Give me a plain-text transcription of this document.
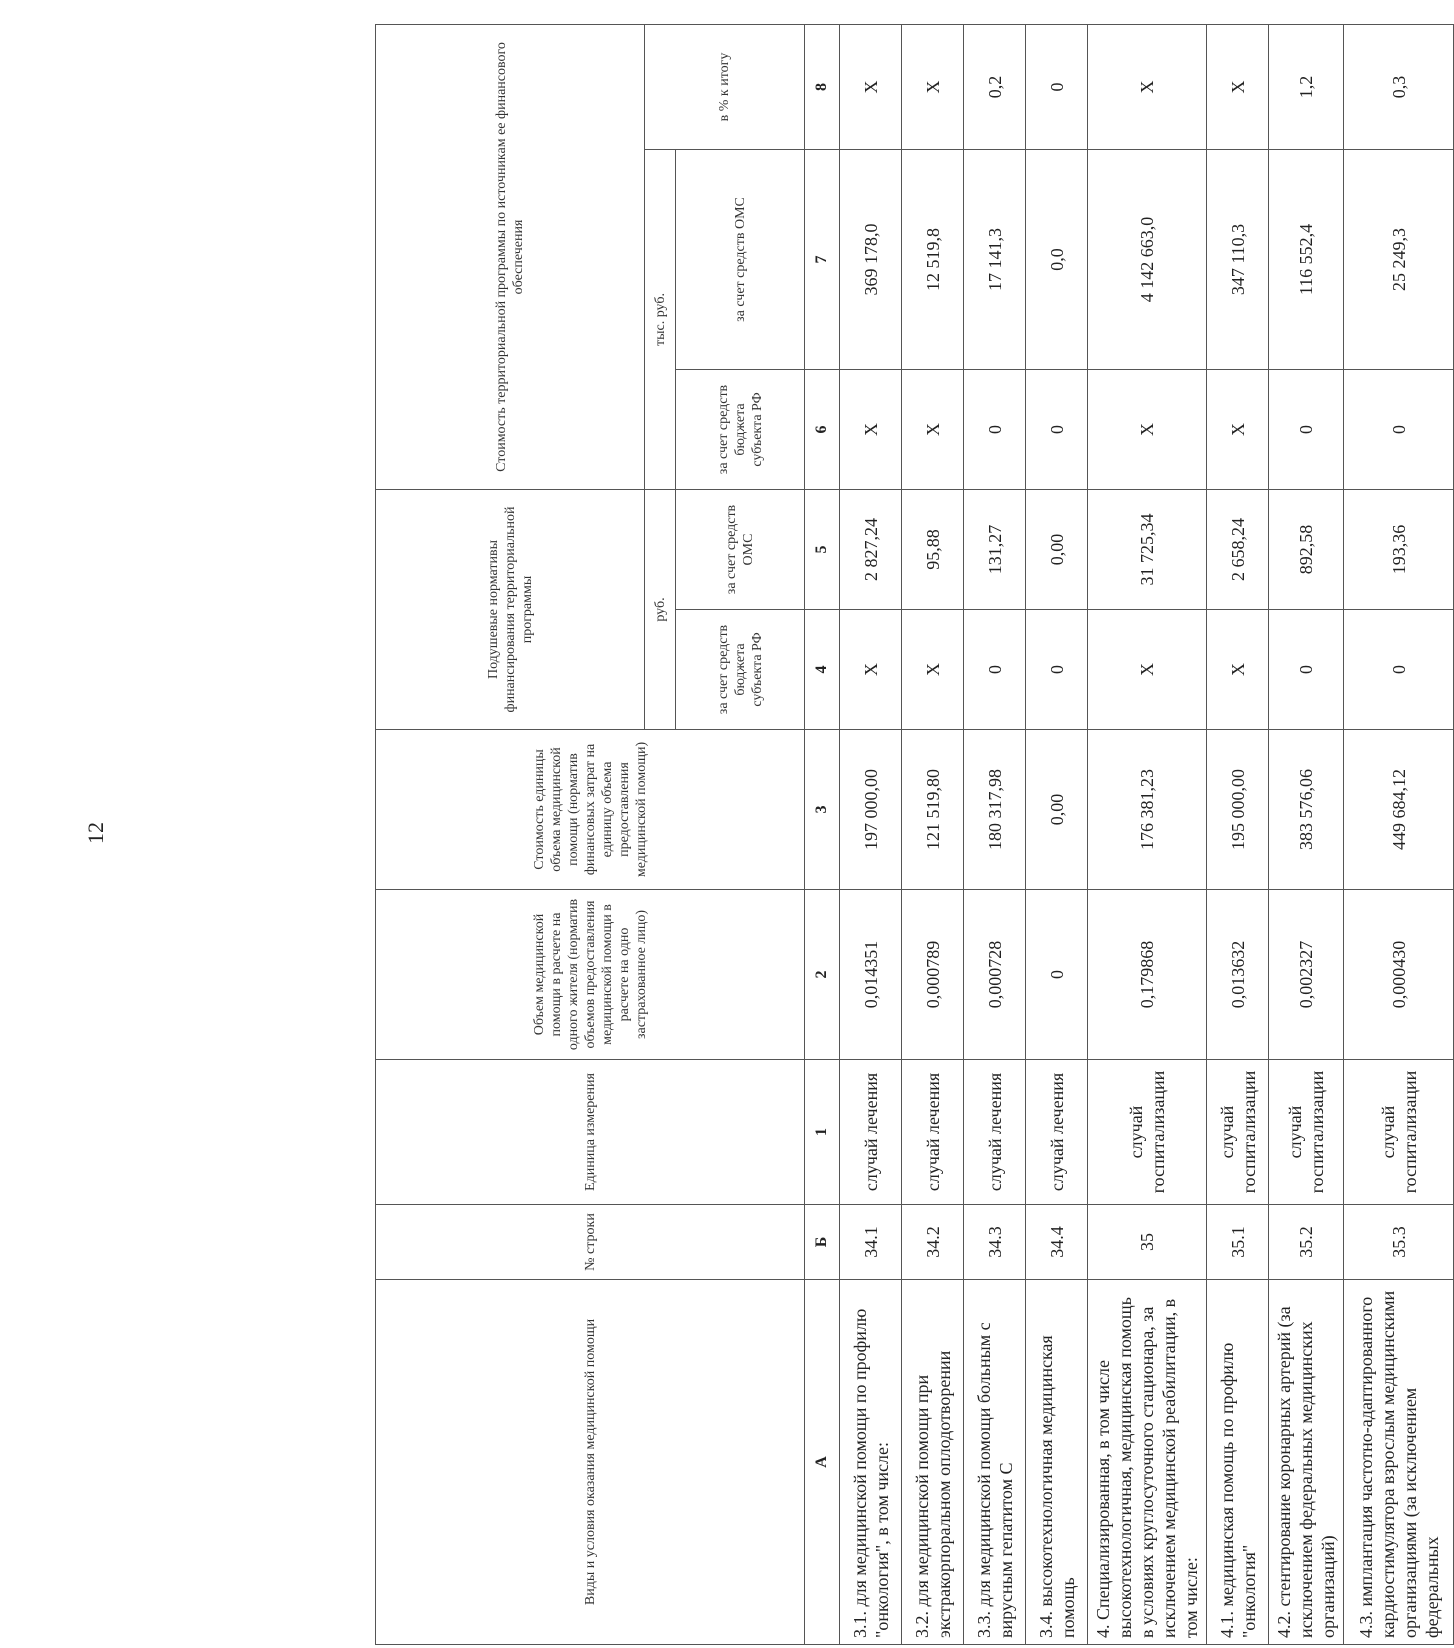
12
Виды и условия оказания медицинской помощи	№ строки	Единица измерения	Объем медицинской помощи в расчете на одного жителя (норматив объемов предоставления медицинской помощи в расчете на одно застрахованное лицо)	Стоимость единицы объема медицинской помощи (норматив финансовых затрат на единицу объема предоставления медицинской помощи)	Подушевые нормативы финансирования территориальной программы		Стоимость территориальной программы по источникам ее финансового обеспечения		
					руб.		тыс. руб.		в % к итогу
					за счет средств бюджета субъекта РФ	за счет средств ОМС	за счет средств бюджета субъекта РФ	за счет средств ОМС	
А	Б	1	2	3	4	5	6	7	8
3.1. для медицинской помощи по профилю "онкология", в том числе:	34.1	случай лечения	0,014351	197 000,00	Х	2 827,24	Х	369 178,0	Х
3.2. для медицинской помощи при экстракорпоральном оплодотворении	34.2	случай лечения	0,000789	121 519,80	Х	95,88	Х	12 519,8	Х
3.3. для медицинской помощи больным с вирусным гепатитом С	34.3	случай лечения	0,000728	180 317,98	0	131,27	0	17 141,3	0,2
3.4. высокотехнологичная медицинская помощь	34.4	случай лечения	0	0,00	0	0,00	0	0,0	0
4. Специализированная, в том числе высокотехнологичная, медицинская помощь в условиях круглосуточного стационара, за исключением медицинской реабилитации, в том числе:	35	случай госпитализации	0,179868	176 381,23	Х	31 725,34	Х	4 142 663,0	Х
4.1. медицинская помощь по профилю "онкология"	35.1	случай госпитализации	0,013632	195 000,00	Х	2 658,24	Х	347 110,3	Х
4.2. стентирование коронарных артерий (за исключением федеральных медицинских организаций)	35.2	случай госпитализации	0,002327	383 576,06	0	892,58	0	116 552,4	1,2
4.3. имплантация частотно-адаптированного кардиостимулятора взрослым медицинскими организациями (за исключением федеральных	35.3	случай госпитализации	0,000430	449 684,12	0	193,36	0	25 249,3	0,3
